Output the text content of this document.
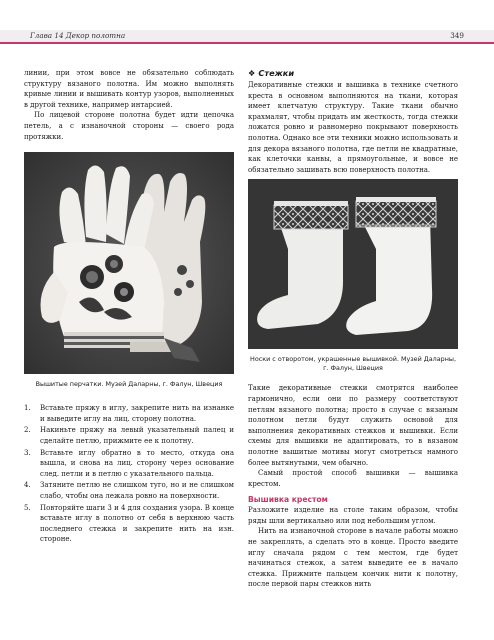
Глава 14 Декор полотна	349

линии, при этом вовсе не обязательно соблюдать структуру вязаного полотна. Им можно выполнять кривые линии и вышивать контур узоров, выполненных в другой технике, например интарсией.

По лицевой стороне полотна будет идти цепочка петель, а с изнаночной стороны — своего рода протяжки.

Вышитые перчатки. Музей Даларны, г. Фалун, Швеция
1.	Вставьте пряжу в иглу, закрепите нить на изнанке и выведите иглу на лиц. сторону полотна.
2.	Накиньте пряжу на левый указательный палец и сделайте петлю, прижмите ее к полотну.
3.	Вставьте иглу обратно в то место, откуда она вышла, и снова на лиц. сторону через основание след. петли и в петлю с указательного пальца.
4.	Затяните петлю не слишком туго, но и не слишком слабо, чтобы она лежала ровно на поверхности.
5.	Повторяйте шаги 3 и 4 для создания узора. В конце вставьте иглу в полотно от себя в верхнюю часть последнего стежка и закрепите нить на изн. стороне.
❖ Стежки

Декоративные стежки и вышивка в технике счетного креста в основном выполняются на ткани, которая имеет клетчатую структуру. Такие ткани обычно крахмалят, чтобы придать им жесткость, тогда стежки ложатся ровно и равномерно покрывают поверхность полотна. Однако все эти техники можно использовать и для декора вязаного полотна, где петли не квадратные, как клеточки канвы, а прямоугольные, и вовсе не обязательно зашивать всю поверхность полотна.

Носки с отворотом, украшенные вышивкой. Музей Даларны, г. Фалун, Швеция

Такие декоративные стежки смотрятся наиболее гармонично, если они по размеру соответствуют петлям вязаного полотна; просто в случае с вязаным полотном петли будут служить основой для выполнения декоративных стежков и вышивки. Если схемы для вышивки не адаптировать, то в вязаном полотне вышитые мотивы могут смотреться намного более вытянутыми, чем обычно.

Самый простой способ вышивки — вышивка крестом.

Вышивка крестом

Разложите изделие на столе таким образом, чтобы ряды шли вертикально или под небольшим углом.

Нить на изнаночной стороне в начале работы можно не закреплять, а сделать это в конце. Просто введите иглу сначала рядом с тем местом, где будет начинаться стежок, а затем выведите ее в начало стежка. Прижмите пальцем кончик нити к полотну, после первой пары стежков нить
